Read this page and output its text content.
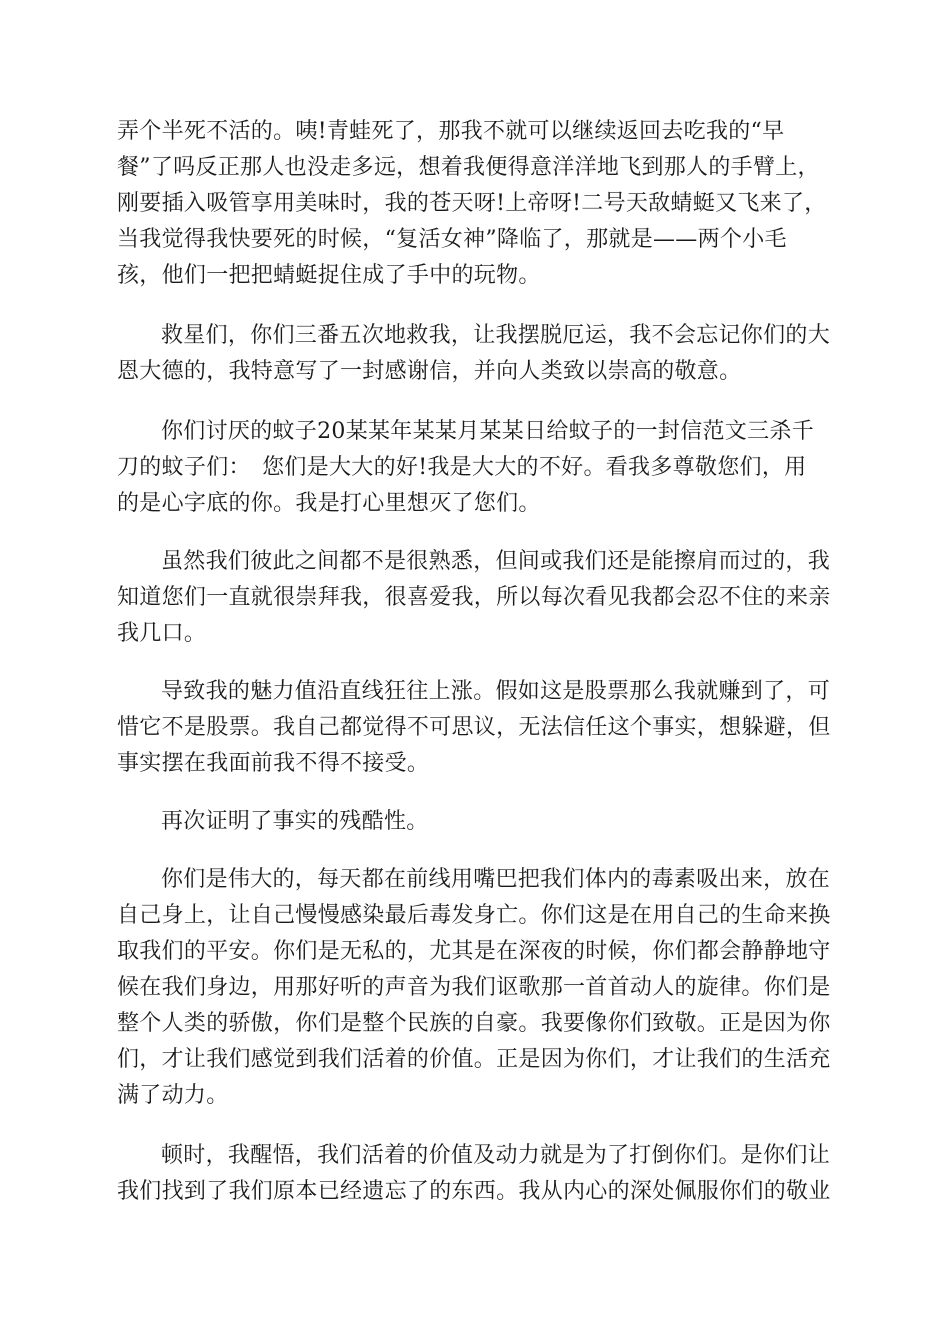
弄个半死不活的。咦!青蛙死了，那我不就可以继续返回去吃我的“早
餐”了吗反正那人也没走多远，想着我便得意洋洋地飞到那人的手臂上，
刚要插入吸管享用美味时，我的苍天呀!上帝呀!二号天敌蜻蜓又飞来了，
当我觉得我快要死的时候，“复活女神”降临了，那就是——两个小毛
孩，他们一把把蜻蜓捉住成了手中的玩物。
救星们，你们三番五次地救我，让我摆脱厄运，我不会忘记你们的大
恩大德的，我特意写了一封感谢信，并向人类致以崇高的敬意。
你们讨厌的蚊子20某某年某某月某某日给蚊子的一封信范文三杀千
刀的蚊子们：　您们是大大的好!我是大大的不好。看我多尊敬您们，用
的是心字底的你。我是打心里想灭了您们。
虽然我们彼此之间都不是很熟悉，但间或我们还是能擦肩而过的，我
知道您们一直就很崇拜我，很喜爱我，所以每次看见我都会忍不住的来亲
我几口。
导致我的魅力值沿直线狂往上涨。假如这是股票那么我就赚到了，可
惜它不是股票。我自己都觉得不可思议，无法信任这个事实，想躲避，但
事实摆在我面前我不得不接受。
再次证明了事实的残酷性。
你们是伟大的，每天都在前线用嘴巴把我们体内的毒素吸出来，放在
自己身上，让自己慢慢感染最后毒发身亡。你们这是在用自己的生命来换
取我们的平安。你们是无私的，尤其是在深夜的时候，你们都会静静地守
候在我们身边，用那好听的声音为我们讴歌那一首首动人的旋律。你们是
整个人类的骄傲，你们是整个民族的自豪。我要像你们致敬。正是因为你
们，才让我们感觉到我们活着的价值。正是因为你们，才让我们的生活充
满了动力。
顿时，我醒悟，我们活着的价值及动力就是为了打倒你们。是你们让
我们找到了我们原本已经遗忘了的东西。我从内心的深处佩服你们的敬业
